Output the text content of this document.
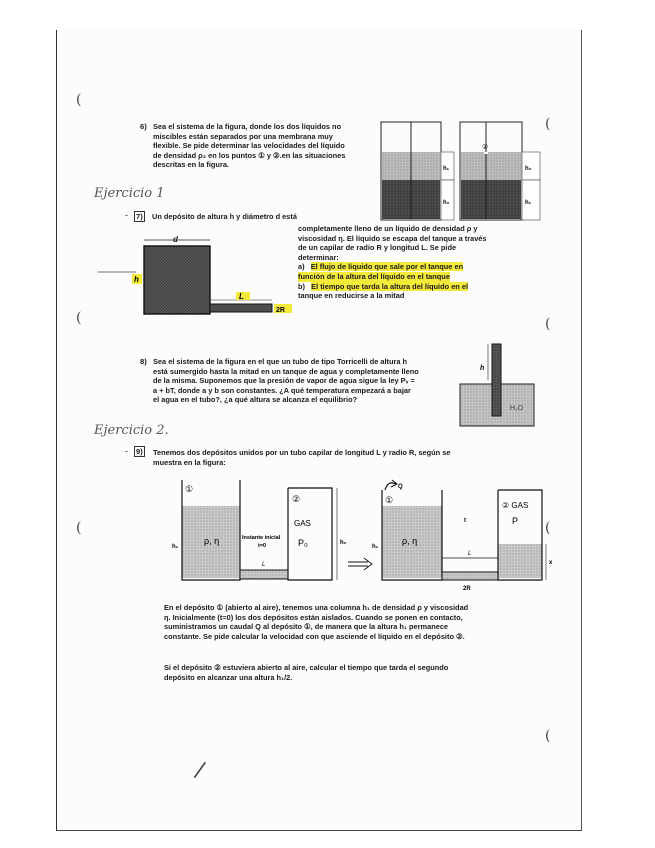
(
(
(
(
(
(
(
/
6) Sea el sistema de la figura, donde los dos líquidos no
miscibles están separados por una membrana muy
flexible. Se pide determinar las velocidades del líquido
de densidad ρ₂ en los puntos ① y ②.en las situaciones
descritas en la figura.	h₁
h₂
②
h₂
h₁
Ejercicio 1
- 7) Un depósito de altura h y diámetro d está
completamente lleno de un líquido de densidad ρ y
viscosidad η. El líquido se escapa del tanque a través
de un capilar de radio R y longitud L. Se pide
determinar:
a) El flujo de líquido que sale por el tanque en
función de la altura del líquido en el tanque
b) El tiempo que tarda la altura del líquido en el
tanque en reducirse a la mitad
d
h
L
2R
8) Sea el sistema de la figura en el que un tubo de tipo Torricelli de altura h
está sumergido hasta la mitad en un tanque de agua y completamente lleno
de la misma. Suponemos que la presión de vapor de agua sigue la ley Pᵥ =
a + bT, donde a y b son constantes. ¿A qué temperatura empezará a bajar
el agua en el tubo?, ¿a qué altura se alcanza el equilibrio?
h
H₂O
Ejercicio 2.
- 9) Tenemos dos depósitos unidos por un tubo capilar de longitud L y radio R, según se
muestra en la figura:
①
ρ, η
h₁
Instante inicial
t=0
L
②
GAS
P₀	h₀
Q
①
ρ, η
h₁
t
L
2R
② GAS
P
x
En el depósito ① (abierto al aire), tenemos una columna h₁ de densidad ρ y viscosidad
η. Inicialmente (t=0) los dos depósitos están aislados. Cuando se ponen en contacto,
suministramos un caudal Q al depósito ①, de manera que la altura h₁ permanece
constante. Se pide calcular la velocidad con que asciende el líquido en el depósito ②.
Si el depósito ② estuviera abierto al aire, calcular el tiempo que tarda el segundo
depósito en alcanzar una altura h₁/2.
